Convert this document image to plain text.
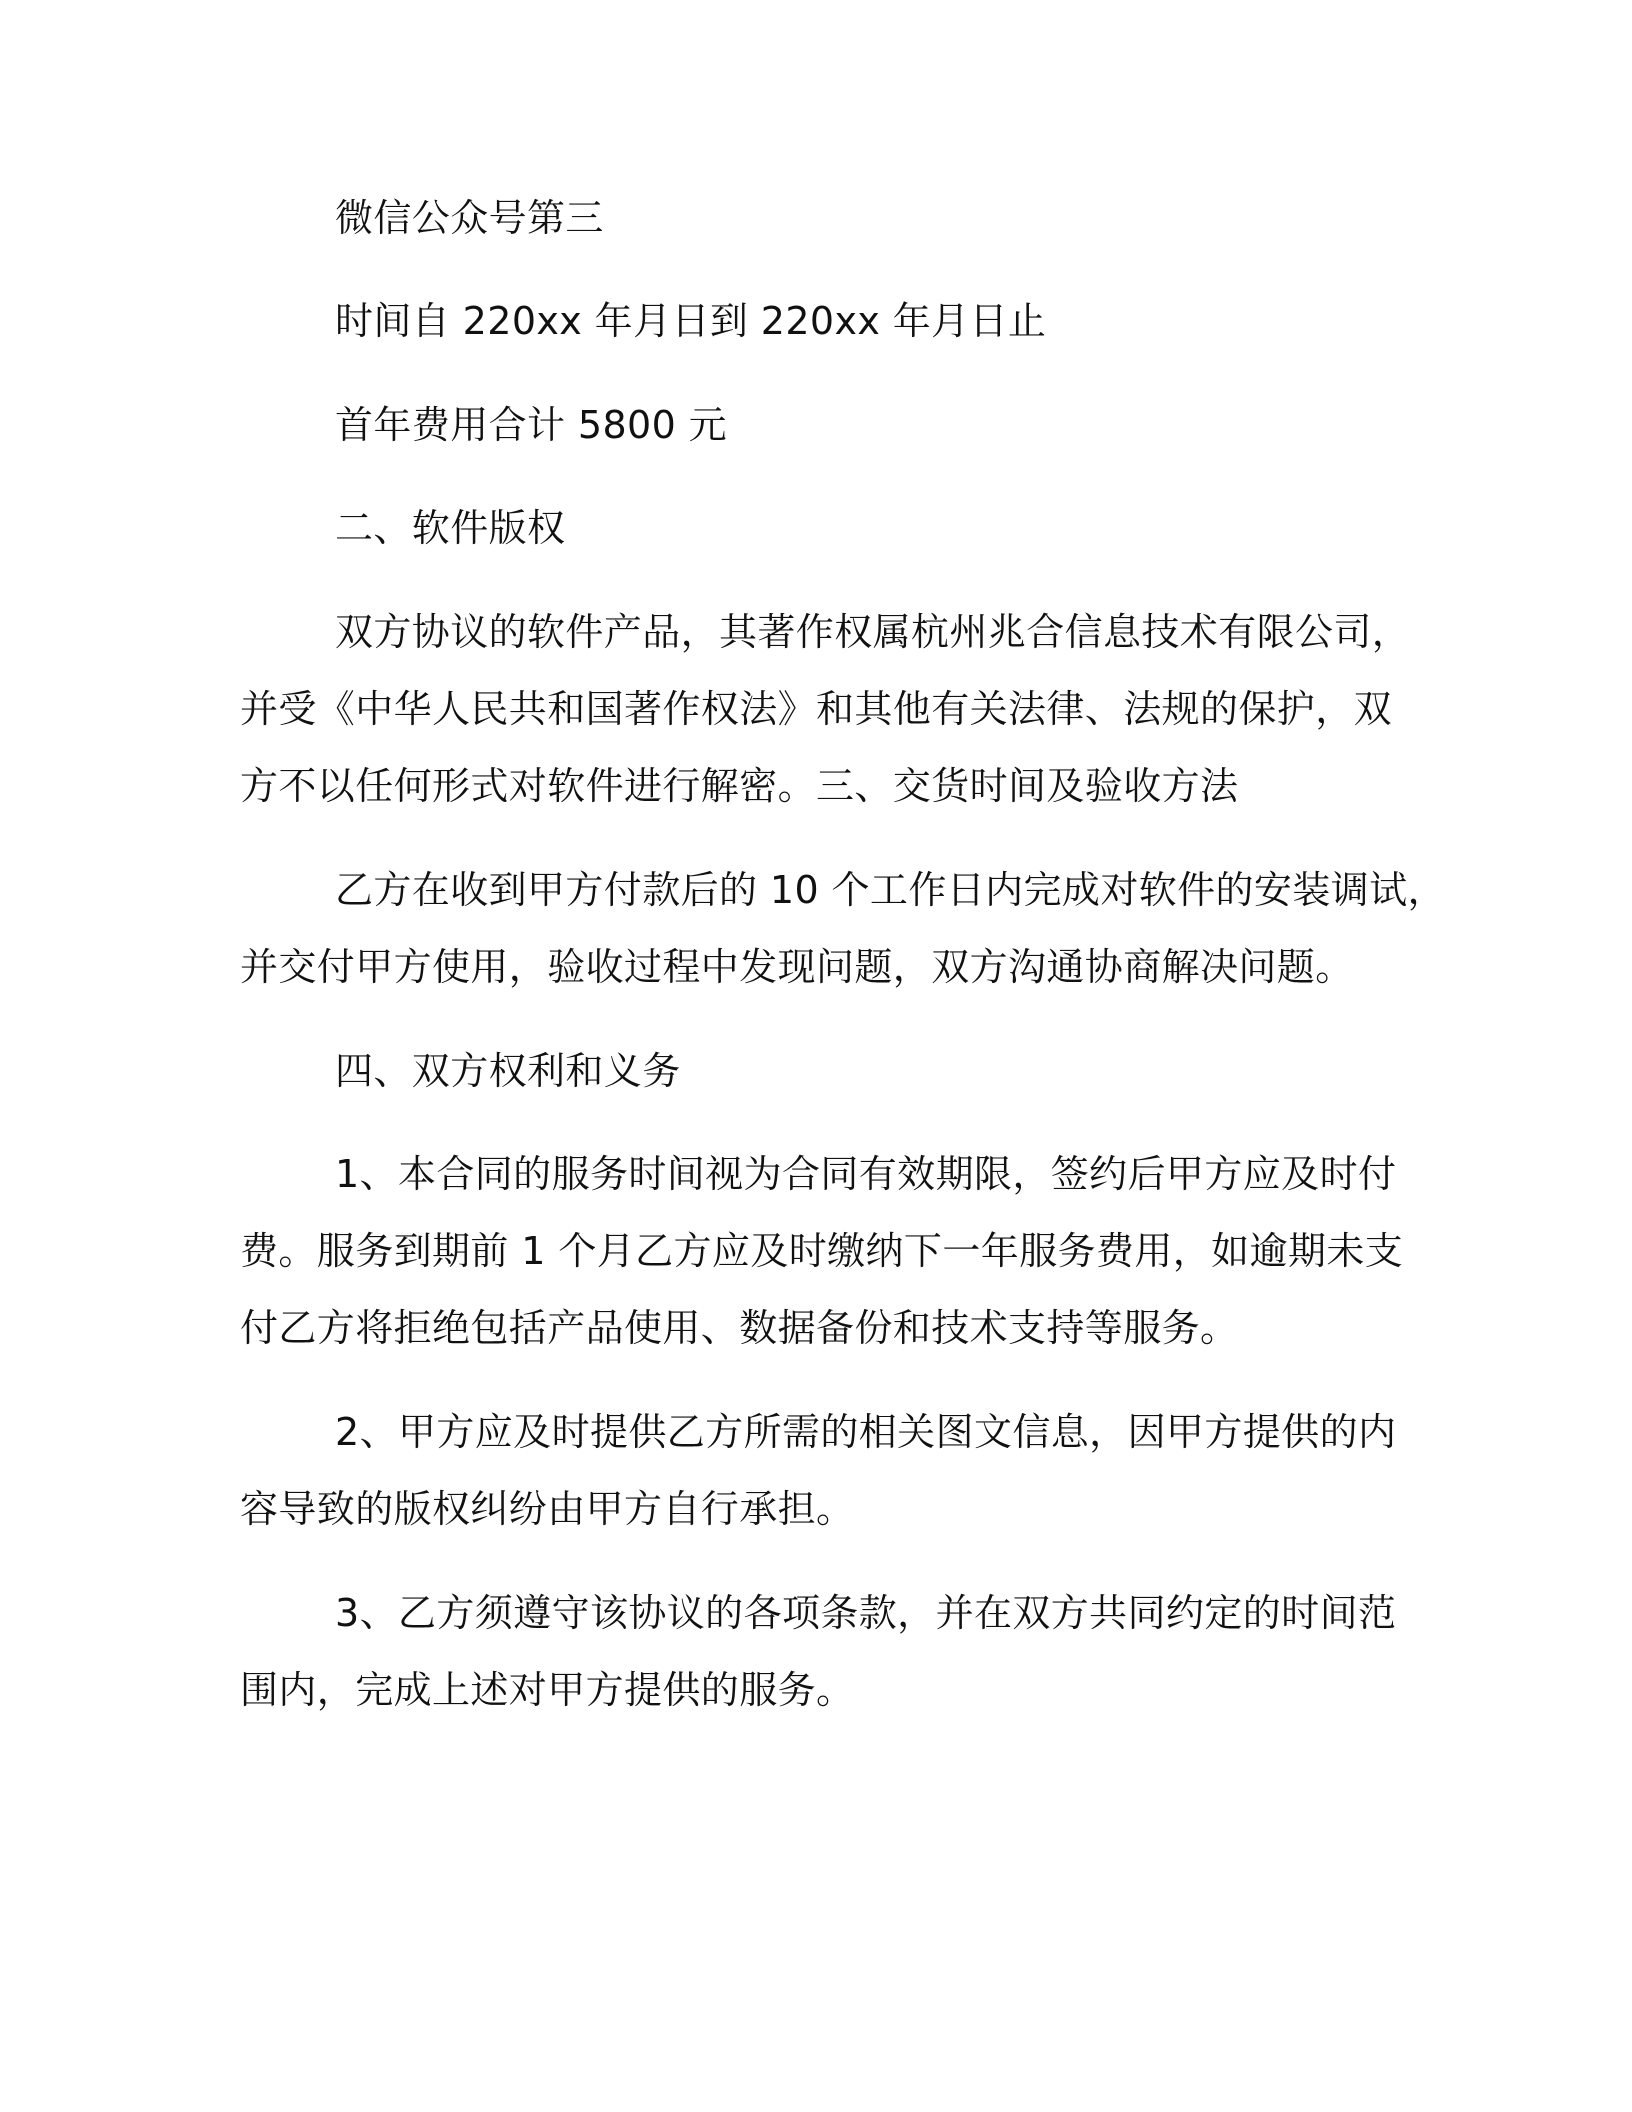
微信公众号第三
时间自 220xx 年月日到 220xx 年月日止
首年费用合计 5800 元
二、软件版权
双方协议的软件产品，其著作权属杭州兆合信息技术有限公司，
并受《中华人民共和国著作权法》和其他有关法律、法规的保护，双
方不以任何形式对软件进行解密。三、交货时间及验收方法
乙方在收到甲方付款后的 10 个工作日内完成对软件的安装调试，
并交付甲方使用，验收过程中发现问题，双方沟通协商解决问题。
四、双方权利和义务
1、本合同的服务时间视为合同有效期限，签约后甲方应及时付
费。服务到期前 1 个月乙方应及时缴纳下一年服务费用，如逾期未支
付乙方将拒绝包括产品使用、数据备份和技术支持等服务。
2、甲方应及时提供乙方所需的相关图文信息，因甲方提供的内
容导致的版权纠纷由甲方自行承担。
3、乙方须遵守该协议的各项条款，并在双方共同约定的时间范
围内，完成上述对甲方提供的服务。
